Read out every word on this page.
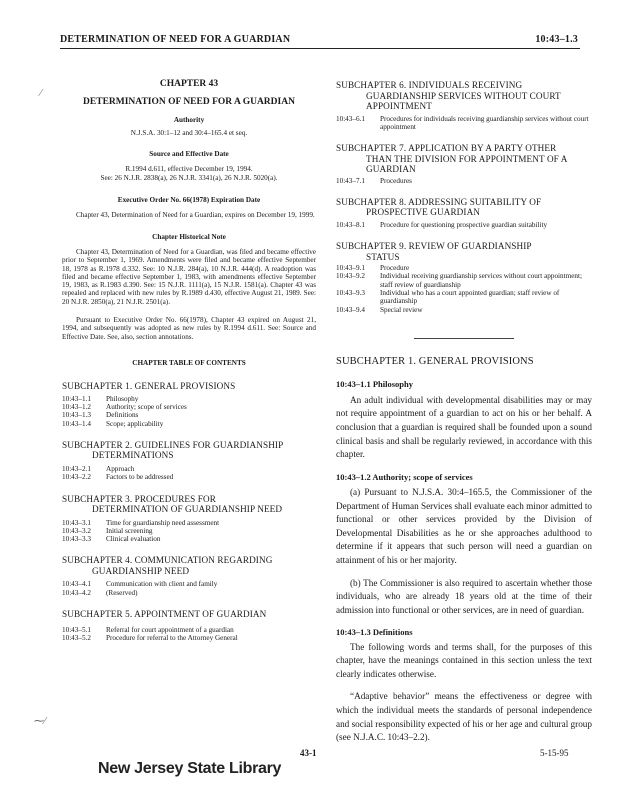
DETERMINATION OF NEED FOR A GUARDIAN	10:43–1.3
⁄
⁓⁄
CHAPTER 43
DETERMINATION OF NEED FOR A GUARDIAN
Authority
N.J.S.A. 30:1–12 and 30:4–165.4 et seq.
Source and Effective Date
R.1994 d.611, effective December 19, 1994.
See: 26 N.J.R. 2838(a), 26 N.J.R. 3341(a), 26 N.J.R. 5020(a).
Executive Order No. 66(1978) Expiration Date
Chapter 43, Determination of Need for a Guardian, expires on December 19, 1999.
Chapter Historical Note
Chapter 43, Determination of Need for a Guardian, was filed and became effective prior to September 1, 1969. Amendments were filed and became effective September 18, 1978 as R.1978 d.332. See: 10 N.J.R. 284(a), 10 N.J.R. 444(d). A readoption was filed and became effective September 1, 1983, with amendments effective September 19, 1983, as R.1983 d.390. See: 15 N.J.R. 1111(a), 15 N.J.R. 1581(a). Chapter 43 was repealed and replaced with new rules by R.1989 d.430, effective August 21, 1989. See: 20 N.J.R. 2850(a), 21 N.J.R. 2501(a).
Pursuant to Executive Order No. 66(1978), Chapter 43 expired on August 21, 1994, and subsequently was adopted as new rules by R.1994 d.611. See: Source and Effective Date. See, also, section annotations.
CHAPTER TABLE OF CONTENTS
SUBCHAPTER 1. GENERAL PROVISIONS
10:43–1.1	Philosophy
10:43–1.2	Authority; scope of services
10:43–1.3	Definitions
10:43–1.4	Scope; applicability
SUBCHAPTER 2. GUIDELINES FOR GUARDIANSHIP
DETERMINATIONS
10:43–2.1	Approach
10:43–2.2	Factors to be addressed
SUBCHAPTER 3. PROCEDURES FOR
DETERMINATION OF GUARDIANSHIP NEED
10:43–3.1	Time for guardianship need assessment
10:43–3.2	Initial screening
10:43–3.3	Clinical evaluation
SUBCHAPTER 4. COMMUNICATION REGARDING
GUARDIANSHIP NEED
10:43–4.1	Communication with client and family
10:43–4.2	(Reserved)
SUBCHAPTER 5. APPOINTMENT OF GUARDIAN
10:43–5.1	Referral for court appointment of a guardian
10:43–5.2	Procedure for referral to the Attorney General
SUBCHAPTER 6. INDIVIDUALS RECEIVING
GUARDIANSHIP SERVICES WITHOUT COURT
APPOINTMENT
10:43–6.1	Procedures for individuals receiving guardianship services without court appointment
SUBCHAPTER 7. APPLICATION BY A PARTY OTHER
THAN THE DIVISION FOR APPOINTMENT OF A
GUARDIAN
10:43–7.1	Procedures
SUBCHAPTER 8. ADDRESSING SUITABILITY OF
PROSPECTIVE GUARDIAN
10:43–8.1	Procedure for questioning prospective guardian suitability
SUBCHAPTER 9. REVIEW OF GUARDIANSHIP
STATUS
10:43–9.1	Procedure
10:43–9.2	Individual receiving guardianship services without court appointment; staff review of guardianship
10:43–9.3	Individual who has a court appointed guardian; staff review of guardianship
10:43–9.4	Special review
SUBCHAPTER 1. GENERAL PROVISIONS
10:43–1.1 Philosophy
An adult individual with developmental disabilities may or may not require appointment of a guardian to act on his or her behalf. A conclusion that a guardian is required shall be founded upon a sound clinical basis and shall be regularly reviewed, in accordance with this chapter.
10:43–1.2 Authority; scope of services
(a) Pursuant to N.J.S.A. 30:4–165.5, the Commissioner of the Department of Human Services shall evaluate each minor admitted to functional or other services provided by the Division of Developmental Disabilities as he or she approaches adulthood to determine if it appears that such person will need a guardian on attainment of his or her majority.
(b) The Commissioner is also required to ascertain whether those individuals, who are already 18 years old at the time of their admission into functional or other services, are in need of guardian.
10:43–1.3 Definitions
The following words and terms shall, for the purposes of this chapter, have the meanings contained in this section unless the text clearly indicates otherwise.
“Adaptive behavior” means the effectiveness or degree with which the individual meets the standards of personal independence and social responsibility expected of his or her age and cultural group (see N.J.A.C. 10:43–2.2).
43-1	5-15-95
New Jersey State Library
